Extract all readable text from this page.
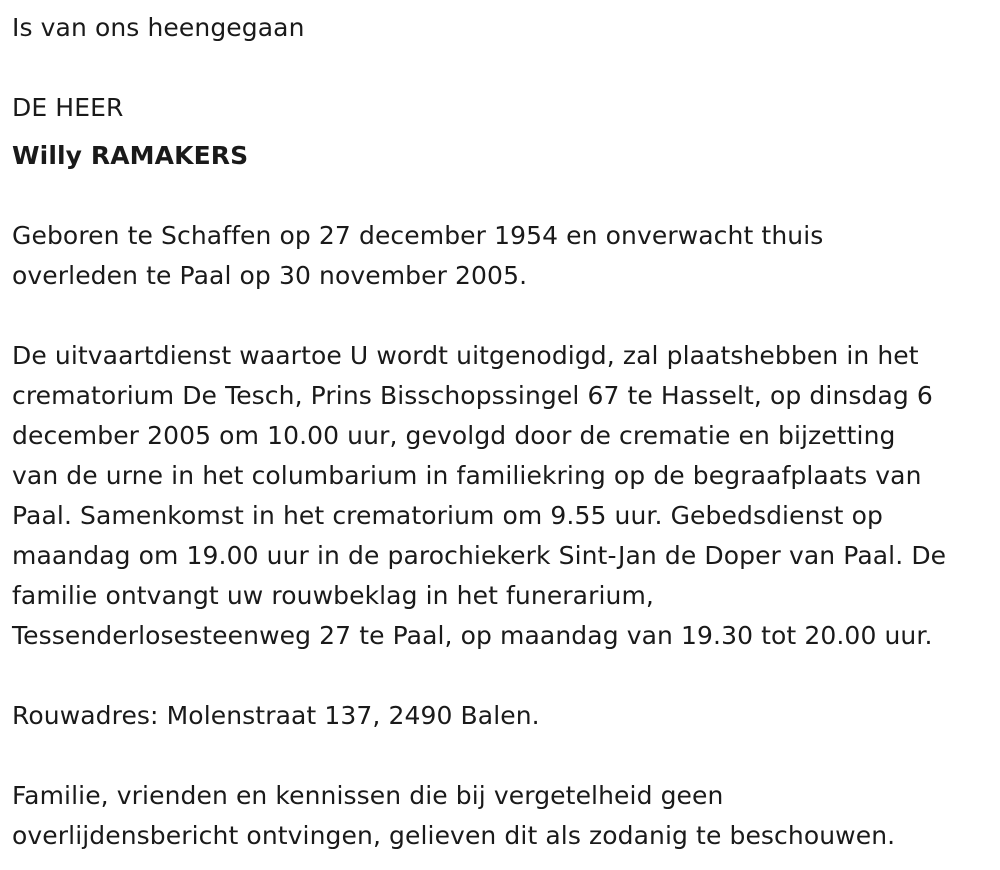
Is van ons heengegaan

DE HEER

Willy RAMAKERS

Geboren te Schaffen op 27 december 1954 en onverwacht thuis

overleden te Paal op 30 november 2005.

De uitvaartdienst waartoe U wordt uitgenodigd, zal plaatshebben in het

crematorium De Tesch, Prins Bisschopssingel 67 te Hasselt, op dinsdag 6

december 2005 om 10.00 uur, gevolgd door de crematie en bijzetting

van de urne in het columbarium in familiekring op de begraafplaats van

Paal. Samenkomst in het crematorium om 9.55 uur. Gebedsdienst op

maandag om 19.00 uur in de parochiekerk Sint-Jan de Doper van Paal. De

familie ontvangt uw rouwbeklag in het funerarium,

Tessenderlosesteenweg 27 te Paal, op maandag van 19.30 tot 20.00 uur.

Rouwadres: Molenstraat 137, 2490 Balen.

Familie, vrienden en kennissen die bij vergetelheid geen

overlijdensbericht ontvingen, gelieven dit als zodanig te beschouwen.
